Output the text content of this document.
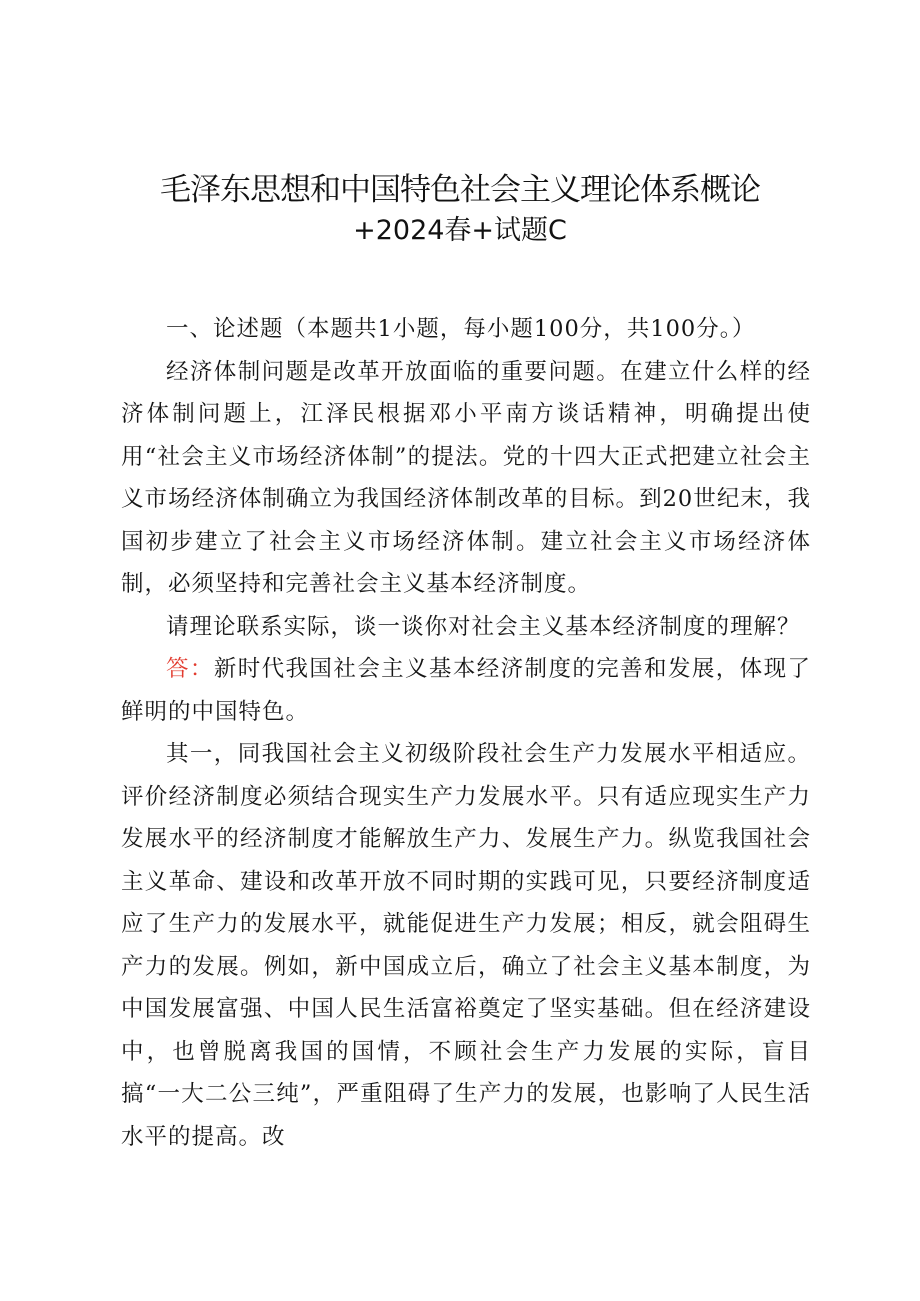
毛泽东思想和中国特色社会主义理论体系概论
+2024春+试题C

一、论述题（本题共1小题，每小题100分，共100分。）

经济体制问题是改革开放面临的重要问题。在建立什么样的经济体制问题上，江泽民根据邓小平南方谈话精神，明确提出使用“社会主义市场经济体制”的提法。党的十四大正式把建立社会主义市场经济体制确立为我国经济体制改革的目标。到20世纪末，我国初步建立了社会主义市场经济体制。建立社会主义市场经济体制，必须坚持和完善社会主义基本经济制度。

请理论联系实际，谈一谈你对社会主义基本经济制度的理解？

答：新时代我国社会主义基本经济制度的完善和发展，体现了鲜明的中国特色。

其一，同我国社会主义初级阶段社会生产力发展水平相适应。评价经济制度必须结合现实生产力发展水平。只有适应现实生产力发展水平的经济制度才能解放生产力、发展生产力。纵览我国社会主义革命、建设和改革开放不同时期的实践可见，只要经济制度适应了生产力的发展水平，就能促进生产力发展；相反，就会阻碍生产力的发展。例如，新中国成立后，确立了社会主义基本制度，为中国发展富强、中国人民生活富裕奠定了坚实基础。但在经济建设中，也曾脱离我国的国情，不顾社会生产力发展的实际，盲目搞“一大二公三纯”，严重阻碍了生产力的发展，也影响了人民生活水平的提高。改
